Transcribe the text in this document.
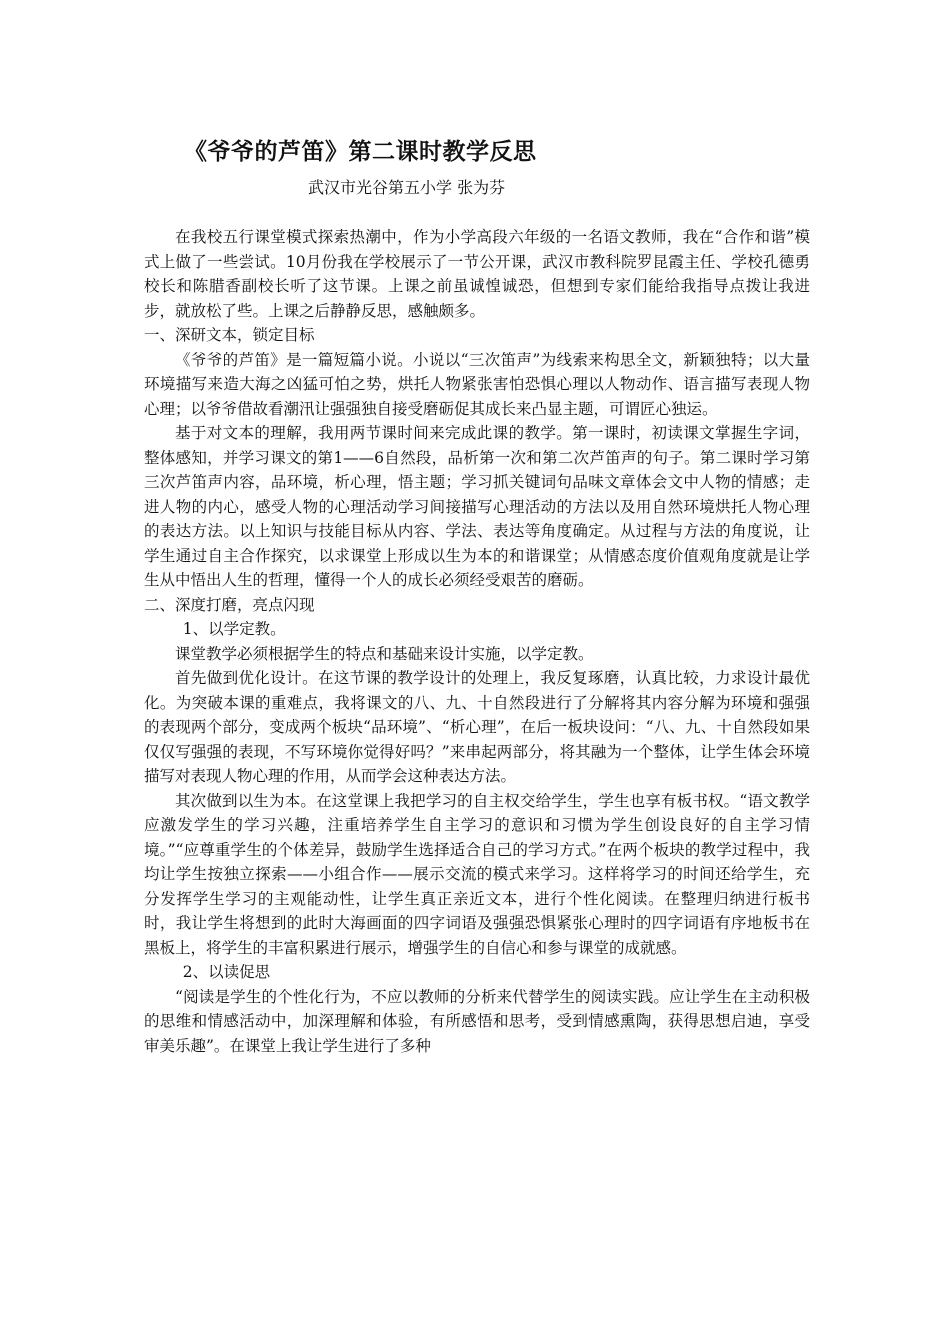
《爷爷的芦笛》第二课时教学反思
武汉市光谷第五小学 张为芬

在我校五行课堂模式探索热潮中，作为小学高段六年级的一名语文教师，我在“合作和谐”模式上做了一些尝试。10月份我在学校展示了一节公开课，武汉市教科院罗昆霞主任、学校孔德勇校长和陈腊香副校长听了这节课。上课之前虽诚惶诚恐，但想到专家们能给我指导点拨让我进步，就放松了些。上课之后静静反思，感触颇多。

一、深研文本，锁定目标

《爷爷的芦笛》是一篇短篇小说。小说以“三次笛声”为线索来构思全文，新颖独特；以大量环境描写来造大海之凶猛可怕之势，烘托人物紧张害怕恐惧心理以人物动作、语言描写表现人物心理；以爷爷借故看潮汛让强强独自接受磨砺促其成长来凸显主题，可谓匠心独运。

基于对文本的理解，我用两节课时间来完成此课的教学。第一课时，初读课文掌握生字词，整体感知，并学习课文的第1——6自然段，品析第一次和第二次芦笛声的句子。第二课时学习第三次芦笛声内容，品环境，析心理，悟主题；学习抓关键词句品味文章体会文中人物的情感；走进人物的内心，感受人物的心理活动学习间接描写心理活动的方法以及用自然环境烘托人物心理的表达方法。以上知识与技能目标从内容、学法、表达等角度确定。从过程与方法的角度说，让学生通过自主合作探究，以求课堂上形成以生为本的和谐课堂；从情感态度价值观角度就是让学生从中悟出人生的哲理，懂得一个人的成长必须经受艰苦的磨砺。

二、深度打磨，亮点闪现

1、以学定教。

课堂教学必须根据学生的特点和基础来设计实施，以学定教。

首先做到优化设计。在这节课的教学设计的处理上，我反复琢磨，认真比较，力求设计最优化。为突破本课的重难点，我将课文的八、九、十自然段进行了分解将其内容分解为环境和强强的表现两个部分，变成两个板块“品环境”、“析心理”，在后一板块设问：“八、九、十自然段如果仅仅写强强的表现，不写环境你觉得好吗？”来串起两部分，将其融为一个整体，让学生体会环境描写对表现人物心理的作用，从而学会这种表达方法。

其次做到以生为本。在这堂课上我把学习的自主权交给学生，学生也享有板书权。“语文教学应激发学生的学习兴趣，注重培养学生自主学习的意识和习惯为学生创设良好的自主学习情境。”“应尊重学生的个体差异，鼓励学生选择适合自己的学习方式。”在两个板块的教学过程中，我均让学生按独立探索——小组合作——展示交流的模式来学习。这样将学习的时间还给学生，充分发挥学生学习的主观能动性，让学生真正亲近文本，进行个性化阅读。在整理归纳进行板书时，我让学生将想到的此时大海画面的四字词语及强强恐惧紧张心理时的四字词语有序地板书在黑板上，将学生的丰富积累进行展示，增强学生的自信心和参与课堂的成就感。

2、以读促思

“阅读是学生的个性化行为，不应以教师的分析来代替学生的阅读实践。应让学生在主动积极的思维和情感活动中，加深理解和体验，有所感悟和思考，受到情感熏陶，获得思想启迪，享受审美乐趣”。在课堂上我让学生进行了多种
